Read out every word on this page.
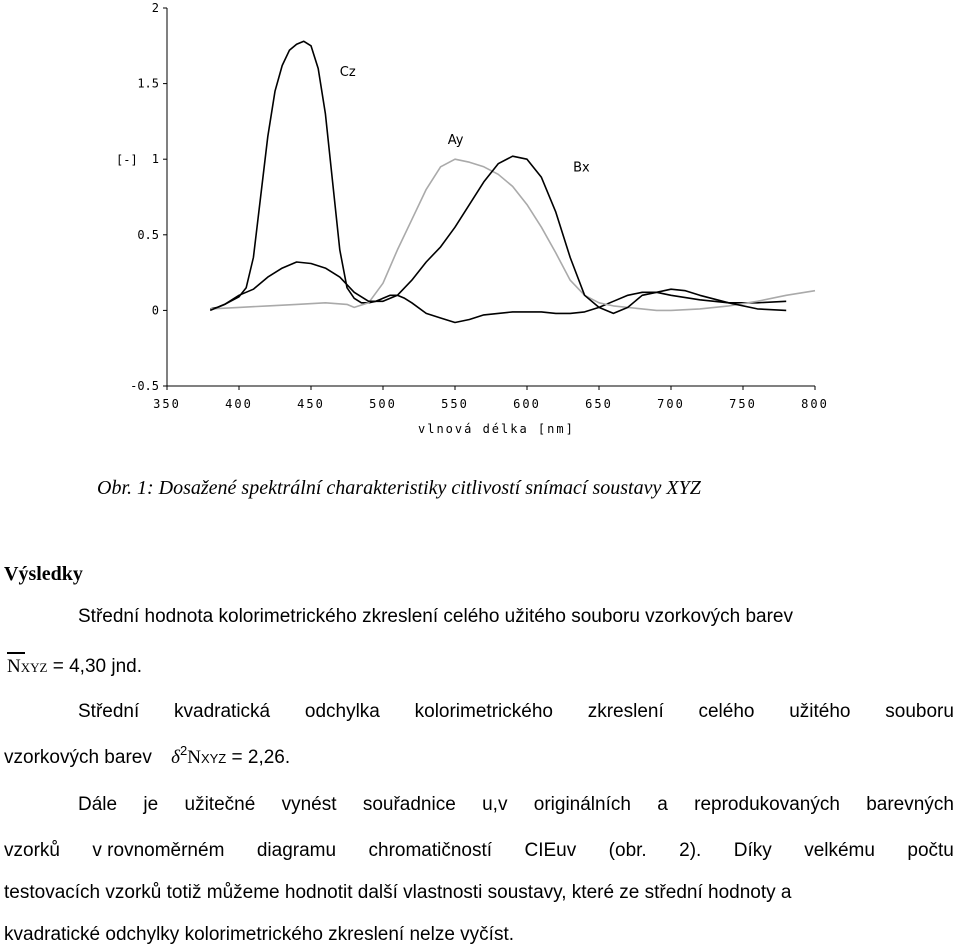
-0.5
0
0.5
1
1.5
2
350	400	450	500	550	600	650	700	750	800
[-]
vlnová délka [nm]
Cz
Ay
Bx
Obr. 1: Dosažené spektrální charakteristiky citlivostí snímací soustavy XYZ
Výsledky
Střední hodnota kolorimetrického zkreslení celého užitého souboru vzorkových barev
NXYZ = 4,30 jnd.
Střední kvadratická odchylka kolorimetrického zkreslení celého užitého souboru
vzorkových barev $\delta^2NXYZ = 2,26$.
Dále je užitečné vynést souřadnice u,v originálních a reprodukovaných barevných
vzorků v rovnoměrném diagramu chromatičností CIEuv (obr. 2). Díky velkému počtu
testovacích vzorků totiž můžeme hodnotit další vlastnosti soustavy, které ze střední hodnoty a
kvadratické odchylky kolorimetrického zkreslení nelze vyčíst.
